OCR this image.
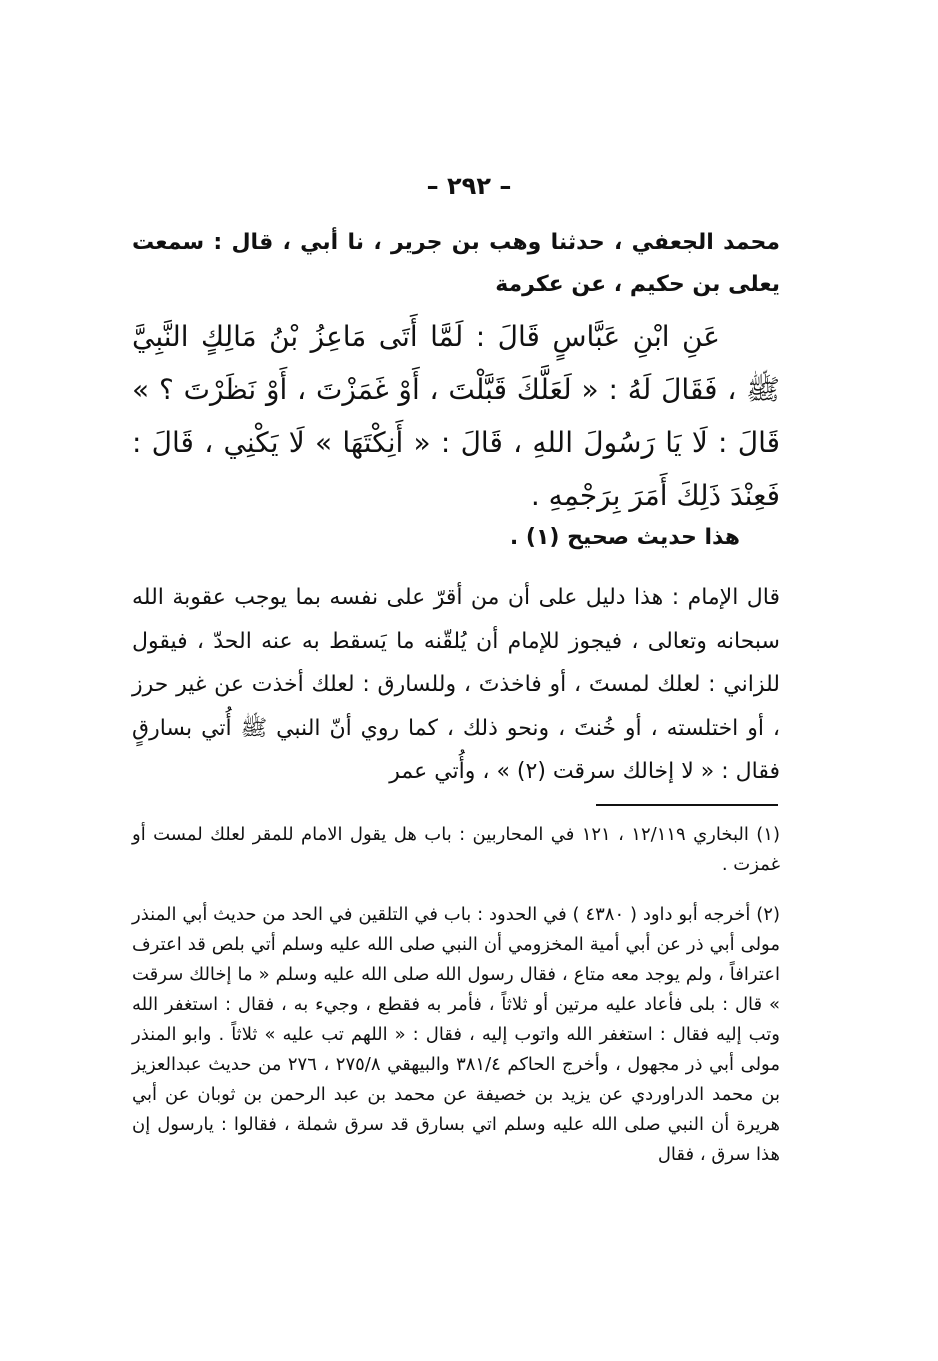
– ٢٩٢ –
محمد الجعفي ، حدثنا وهب بن جرير ، نا أبي ، قال : سمعت يعلى بن حكيم ، عن عكرمة
عَنِ ابْنِ عَبَّاسٍ قَالَ : لَمَّا أَتَى مَاعِزُ بْنُ مَالِكٍ النَّبِيَّ ﷺ ، فَقَالَ لَهُ : « لَعَلَّكَ قَبَّلْتَ ، أَوْ غَمَزْتَ ، أَوْ نَظَرْتَ ؟ » قَالَ : لَا يَا رَسُولَ اللهِ ، قَالَ : « أَنِكْتَهَا » لَا يَكْنِي ، قَالَ : فَعِنْدَ ذَلِكَ أَمَرَ بِرَجْمِهِ .
هذا حديث صحيح (١) .
قال الإمام : هذا دليل على أن من أقرّ على نفسه بما يوجب عقوبة الله سبحانه وتعالى ، فيجوز للإمام أن يُلقّنه ما يَسقط به عنه الحدّ ، فيقول للزاني : لعلك لمستَ ، أو فاخذتَ ، وللسارق : لعلك أخذت عن غير حرز ، أو اختلسته ، أو خُنتَ ، ونحو ذلك ، كما روي أنّ النبي ﷺ أُتي بسارقٍ فقال : « لا إخالك سرقت (٢) » ، وأُتي عمر
(١) البخاري ١٢/١١٩ ، ١٢١ في المحاربين : باب هل يقول الامام للمقر لعلك لمست أو غمزت .
(٢) أخرجه أبو داود ( ٤٣٨٠ ) في الحدود : باب في التلقين في الحد من حديث أبي المنذر مولى أبي ذر عن أبي أمية المخزومي أن النبي صلى الله عليه وسلم أتي بلص قد اعترف اعترافاً ، ولم يوجد معه متاع ، فقال رسول الله صلى الله عليه وسلم « ما إخالك سرقت » قال : بلى فأعاد عليه مرتين أو ثلاثاً ، فأمر به فقطع ، وجيء به ، فقال : استغفر الله وتب إليه فقال : استغفر الله واتوب إليه ، فقال : « اللهم تب عليه » ثلاثاً . وابو المنذر مولى أبي ذر مجهول ، وأخرج الحاكم ٣٨١/٤ والبيهقي ٢٧٥/٨ ، ٢٧٦ من حديث عبدالعزيز بن محمد الدراوردي عن يزيد بن خصيفة عن محمد بن عبد الرحمن بن ثوبان عن أبي هريرة أن النبي صلى الله عليه وسلم اتي بسارق قد سرق شملة ، فقالوا : يارسول إن هذا سرق ، فقال
